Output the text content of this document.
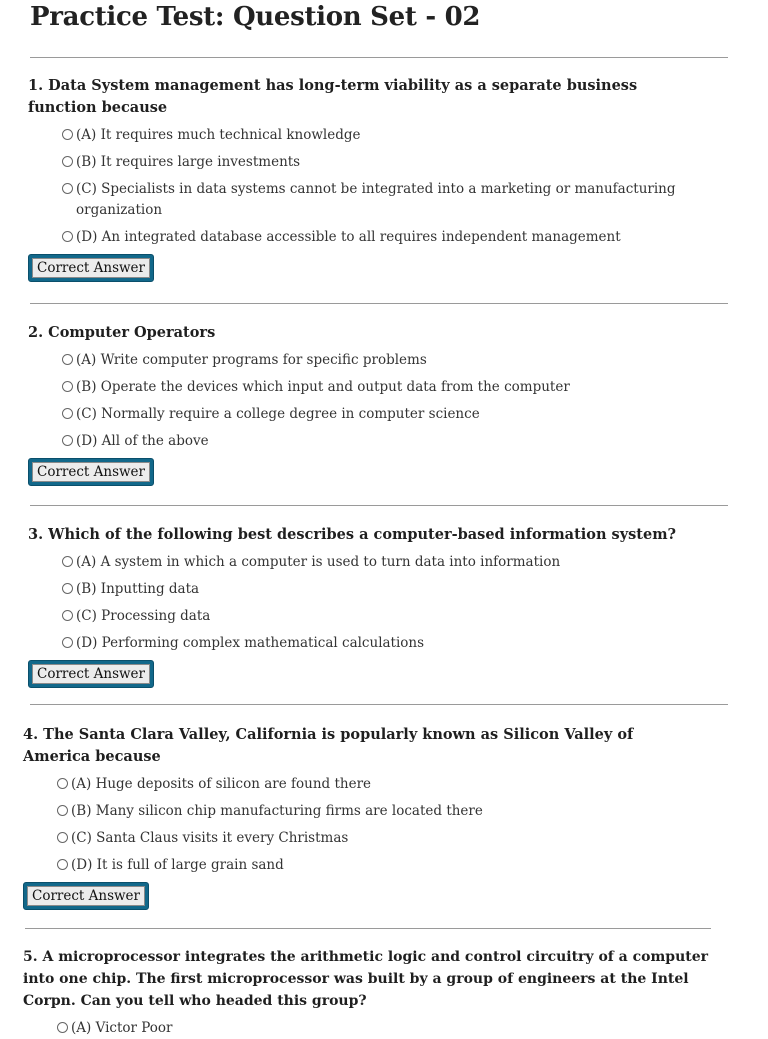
Practice Test: Question Set - 02

1. Data System management has long-term viability as a separate business function because

(A) It requires much technical knowledge
(B) It requires large investments
(C) Specialists in data systems cannot be integrated into a marketing or manufacturing organization
(D) An integrated database accessible to all requires independent management
Correct Answer

2. Computer Operators

(A) Write computer programs for specific problems
(B) Operate the devices which input and output data from the computer
(C) Normally require a college degree in computer science
(D) All of the above
Correct Answer

3. Which of the following best describes a computer-based information system?

(A) A system in which a computer is used to turn data into information
(B) Inputting data
(C) Processing data
(D) Performing complex mathematical calculations
Correct Answer

4. The Santa Clara Valley, California is popularly known as Silicon Valley of America because

(A) Huge deposits of silicon are found there
(B) Many silicon chip manufacturing firms are located there
(C) Santa Claus visits it every Christmas
(D) It is full of large grain sand
Correct Answer

5. A microprocessor integrates the arithmetic logic and control circuitry of a computer into one chip. The first microprocessor was built by a group of engineers at the Intel Corpn. Can you tell who headed this group?

(A) Victor Poor
